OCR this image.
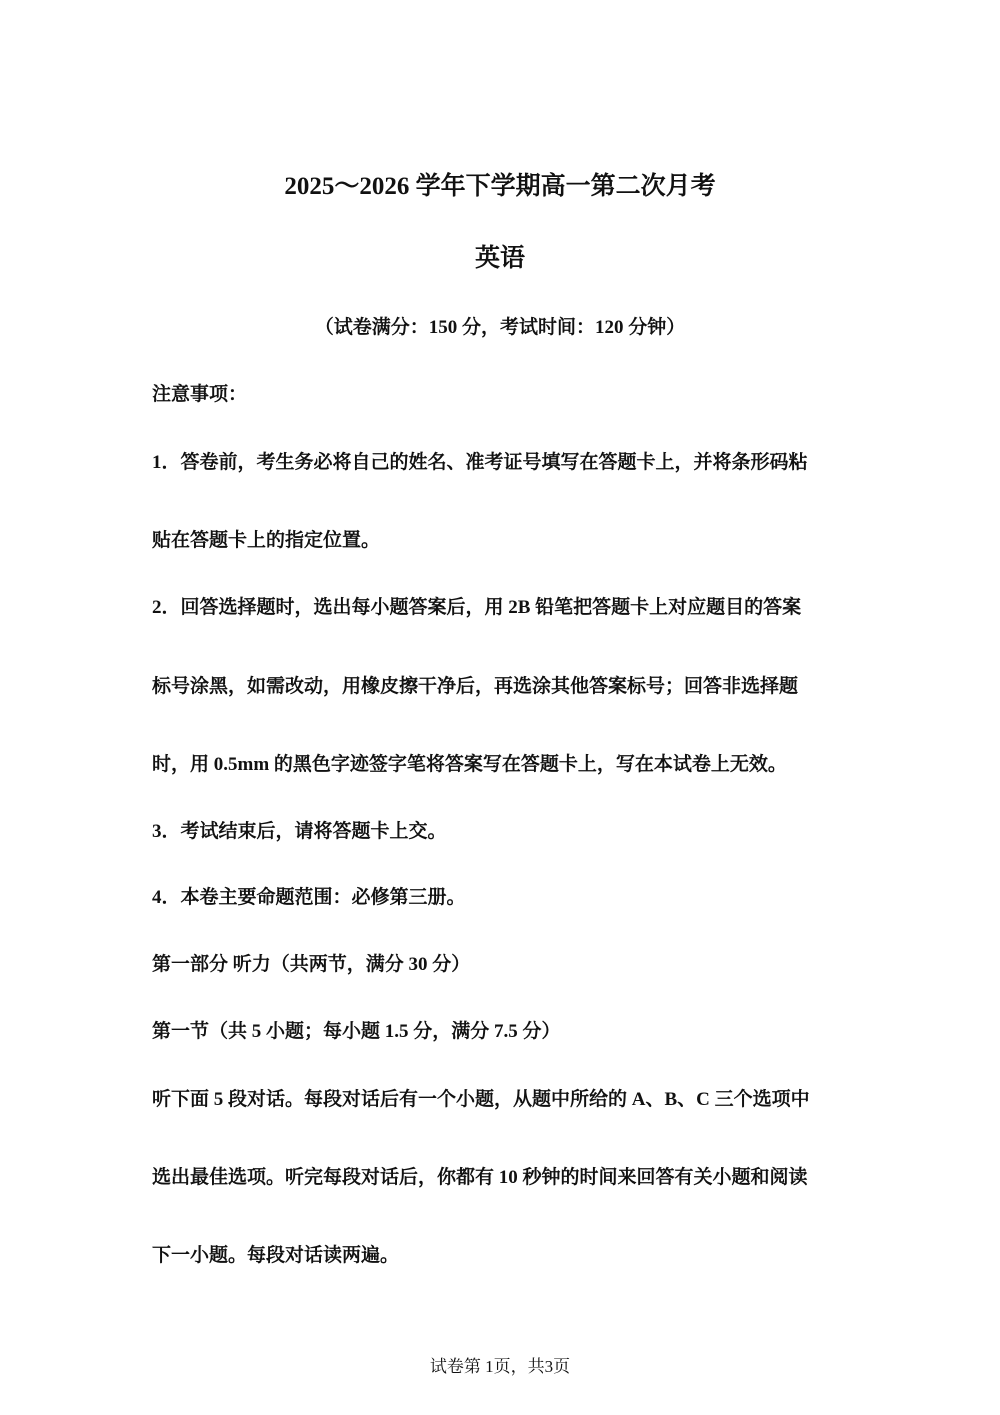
2025～2026 学年下学期高一第二次月考
英语
（试卷满分：150 分，考试时间：120 分钟）
注意事项：
1．答卷前，考生务必将自己的姓名、准考证号填写在答题卡上，并将条形码粘
贴在答题卡上的指定位置。
2．回答选择题时，选出每小题答案后，用 2B 铅笔把答题卡上对应题目的答案
标号涂黑，如需改动，用橡皮擦干净后，再选涂其他答案标号；回答非选择题
时，用 0.5mm 的黑色字迹签字笔将答案写在答题卡上，写在本试卷上无效。
3．考试结束后，请将答题卡上交。
4．本卷主要命题范围：必修第三册。
第一部分 听力（共两节，满分 30 分）
第一节（共 5 小题；每小题 1.5 分，满分 7.5 分）
听下面 5 段对话。每段对话后有一个小题，从题中所给的 A、B、C 三个选项中
选出最佳选项。听完每段对话后，你都有 10 秒钟的时间来回答有关小题和阅读
下一小题。每段对话读两遍。
试卷第 1页，共3页
